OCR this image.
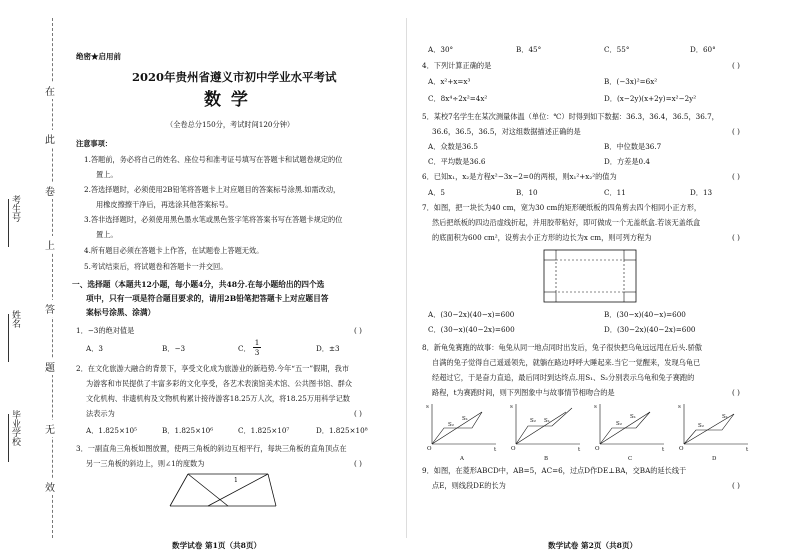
在
此
卷
上
答
题
无
效
考生号
姓名
毕业学校
绝密★启用前
2020年贵州省遵义市初中学业水平考试
数 学
（全卷总分150分，考试时间120分钟）
注意事项：
1.答题前，务必将自己的姓名、座位号和准考证号填写在答题卡和试题卷规定的位
置上。
2.答选择题时，必须使用2B铅笔将答题卡上对应题目的答案标号涂黑.如需改动，
用橡皮擦擦干净后，再选涂其他答案标号。
3.答非选择题时，必须使用黑色墨水笔或黑色签字笔将答案书写在答题卡规定的位
置上。
4.所有题目必须在答题卡上作答，在试题卷上答题无效。
5.考试结束后，将试题卷和答题卡一并交回。
一、选择题（本题共12小题，每小题4分，共48分.在每小题给出的四个选
项中，只有一项是符合题目要求的，请用2B铅笔把答题卡上对应题目答
案标号涂黑、涂满）
1．−3的绝对值是	( )
A．3	B．−3	C．
1
3	D．±3
2．在文化旅游大融合的背景下，享受文化成为旅游业的新趋势.今年“五一”假期，我市
为游客和市民提供了丰富多彩的文化享受，各艺术表演馆美术馆、公共图书馆、群众
文化机构、非遗机构及文物机构累计接待游客18.25万人次，将18.25万用科学记数
法表示为	( )
A．1.825×10⁵	B．1.825×10⁶	C．1.825×10⁷	D．1.825×10⁸
3．一副直角三角板如图放置，使两三角板的斜边互相平行，每块三角板的直角顶点在
另一三角板的斜边上，则∠1的度数为	( )
1
数学试卷 第1页（共8页）
A．30°	B．45°	C．55°	D．60°
4．下列计算正确的是	( )
A．x²+x=x³	B．(−3x)²=6x²
C．8x⁴÷2x²=4x²	D．(x−2y)(x+2y)=x²−2y²
5．某校7名学生在某次测量体温（单位：℃）时得到如下数据：36.3，36.4，36.5，36.7，
36.6，36.5，36.5，对这组数据描述正确的是	( )
A．众数是36.5	B．中位数是36.7
C．平均数是36.6	D．方差是0.4
6．已知x₁，x₂是方程x²−3x−2=0的两根，则x₁²+x₂²的值为	( )
A．5	B．10	C．11	D．13
7．如图，把一块长为40 cm，宽为30 cm的矩形硬纸板的四角剪去四个相同小正方形，
然后把纸板的四边沿虚线折起，并用胶带粘好，即可做成一个无盖纸盒.若该无盖纸盒
的底面积为600 cm²，设剪去小正方形的边长为x cm，则可列方程为	( )
A．(30−2x)(40−x)=600	B．(30−x)(40−x)=600
C．(30−x)(40−2x)=600	D．(30−2x)(40−2x)=600
8．新龟兔赛跑的故事：龟兔从同一地点同时出发后，兔子很快把乌龟远远甩在后头.骄傲
自满的兔子觉得自己遥遥领先，就躺在路边呼呼大睡起来.当它一觉醒来，发现乌龟已
经超过它，于是奋力直追，最后同时到达终点.用S₁、S₂分别表示乌龟和兔子赛跑的
路程，t为赛跑时间，则下列图象中与故事情节相吻合的是	( )
s
t
O
S₁
S₂
A
s
t
O
S₁
S₂
B
s
t
O
S₁
S₂
C
s
t
O
S₁
S₂
D
9．如图，在菱形ABCD中，AB=5，AC=6，过点D作DE⊥BA，交BA的延长线于
点E，则线段DE的长为	( )
数学试卷 第2页（共8页）
